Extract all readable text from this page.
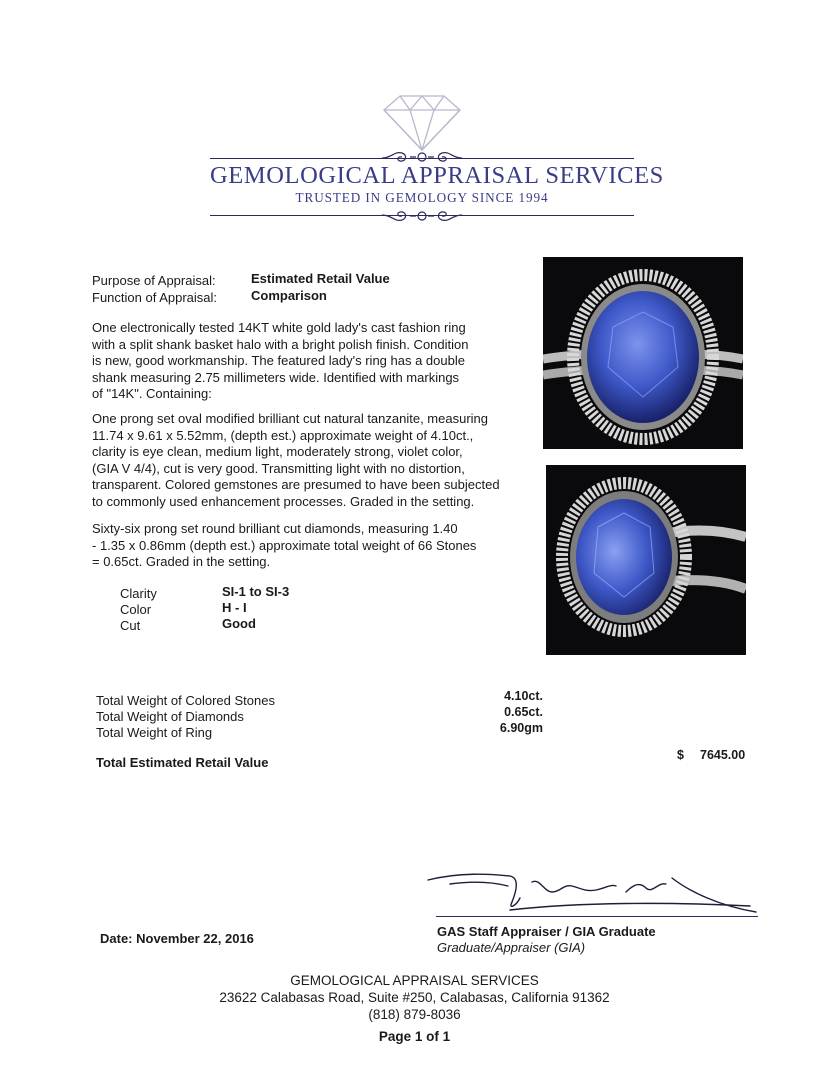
GEMOLOGICAL APPRAISAL SERVICES
TRUSTED IN GEMOLOGY SINCE 1994
Purpose of Appraisal:	Estimated Retail Value
Function of Appraisal:	Comparison
One electronically tested 14KT white gold lady's cast fashion ring
with a split shank basket halo with a bright polish finish. Condition
is new, good workmanship. The featured lady's ring has a double
shank measuring 2.75 millimeters wide. Identified with markings
of "14K". Containing:
One prong set oval modified brilliant cut natural tanzanite, measuring
11.74 x 9.61 x 5.52mm, (depth est.) approximate weight of 4.10ct.,
clarity is eye clean, medium light, moderately strong, violet color,
(GIA V 4/4), cut is very good. Transmitting light with no distortion,
transparent. Colored gemstones are presumed to have been subjected
to commonly used enhancement processes. Graded in the setting.
Sixty-six prong set round brilliant cut diamonds, measuring 1.40
- 1.35 x 0.86mm (depth est.) approximate total weight of 66 Stones
= 0.65ct. Graded in the setting.
Clarity	SI-1 to SI-3
Color	H - I
Cut	Good
Total Weight of Colored Stones	4.10ct.
Total Weight of Diamonds	0.65ct.
Total Weight of Ring	6.90gm
Total Estimated Retail Value	$ 7645.00
GAS Staff Appraiser / GIA Graduate
Graduate/Appraiser (GIA)
Date: November 22, 2016
GEMOLOGICAL APPRAISAL SERVICES
23622 Calabasas Road, Suite #250, Calabasas, California 91362
(818) 879-8036
Page 1 of 1
